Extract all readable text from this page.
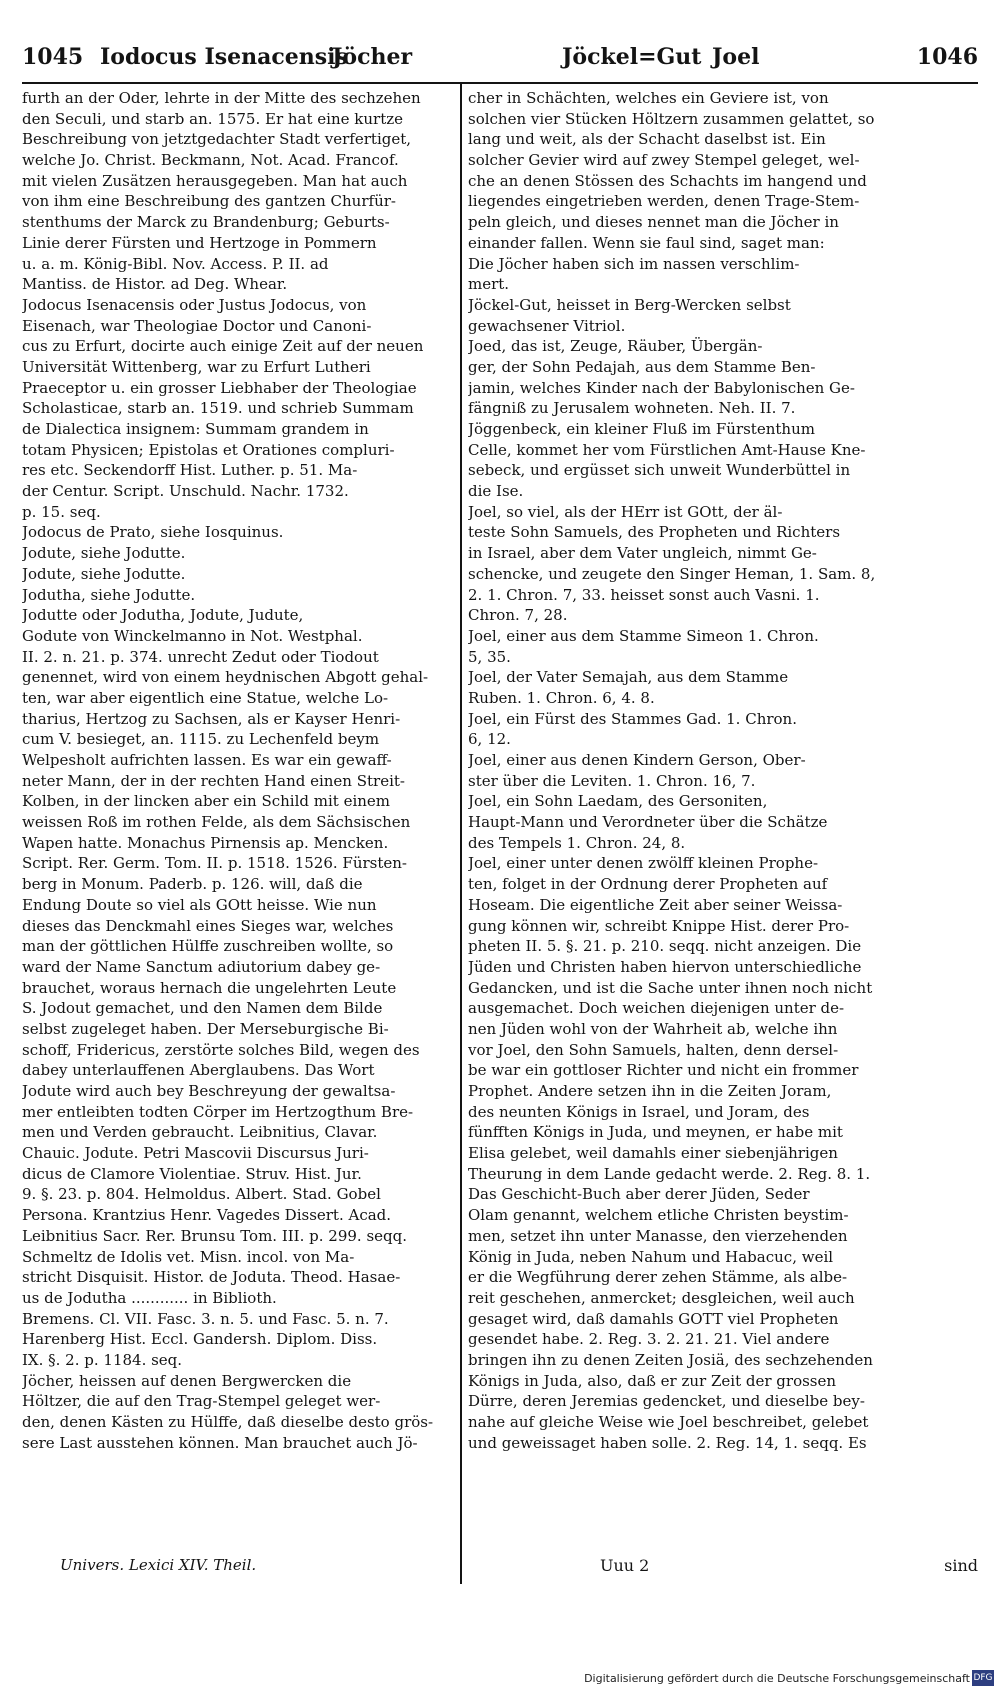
1045 Iodocus Isenacensis
Jöcher	Jöckel=Gut Joel	1046
furth an der Oder, lehrte in der Mitte des sechzehen
den Seculi, und starb an. 1575. Er hat eine kurtze
Beschreibung von jetztgedachter Stadt verfertiget,
welche Jo. Christ. Beckmann, Not. Acad. Francof.
mit vielen Zusätzen herausgegeben. Man hat auch
von ihm eine Beschreibung des gantzen Churfür-
stenthums der Marck zu Brandenburg; Geburts-
Linie derer Fürsten und Hertzoge in Pommern
u. a. m. König-Bibl. Nov. Access. P. II. ad
Mantiss. de Histor. ad Deg. Whear.
Jodocus Isenacensis oder Justus Jodocus, von
Eisenach, war Theologiae Doctor und Canoni-
cus zu Erfurt, docirte auch einige Zeit auf der neuen
Universität Wittenberg, war zu Erfurt Lutheri
Praeceptor u. ein grosser Liebhaber der Theologiae
Scholasticae, starb an. 1519. und schrieb Summam
de Dialectica insignem: Summam grandem in
totam Physicen; Epistolas et Orationes compluri-
res etc. Seckendorff Hist. Luther. p. 51. Ma-
der Centur. Script. Unschuld. Nachr. 1732.
p. 15. seq.
Jodocus de Prato, siehe Iosquinus.
Jodute, siehe Jodutte.
Jodute, siehe Jodutte.
Jodutha, siehe Jodutte.
Jodutte oder Jodutha, Jodute, Judute,
Godute von Winckelmanno in Not. Westphal.
II. 2. n. 21. p. 374. unrecht Zedut oder Tiodout
genennet, wird von einem heydnischen Abgott gehal-
ten, war aber eigentlich eine Statue, welche Lo-
tharius, Hertzog zu Sachsen, als er Kayser Henri-
cum V. besieget, an. 1115. zu Lechenfeld beym
Welpesholt aufrichten lassen. Es war ein gewaff-
neter Mann, der in der rechten Hand einen Streit-
Kolben, in der lincken aber ein Schild mit einem
weissen Roß im rothen Felde, als dem Sächsischen
Wapen hatte. Monachus Pirnensis ap. Mencken.
Script. Rer. Germ. Tom. II. p. 1518. 1526. Fürsten-
berg in Monum. Paderb. p. 126. will, daß die
Endung Doute so viel als GOtt heisse. Wie nun
dieses das Denckmahl eines Sieges war, welches
man der göttlichen Hülffe zuschreiben wollte, so
ward der Name Sanctum adiutorium dabey ge-
brauchet, woraus hernach die ungelehrten Leute
S. Jodout gemachet, und den Namen dem Bilde
selbst zugeleget haben. Der Merseburgische Bi-
schoff, Fridericus, zerstörte solches Bild, wegen des
dabey unterlauffenen Aberglaubens. Das Wort
Jodute wird auch bey Beschreyung der gewaltsa-
mer entleibten todten Cörper im Hertzogthum Bre-
men und Verden gebraucht. Leibnitius, Clavar.
Chauic. Jodute. Petri Mascovii Discursus Juri-
dicus de Clamore Violentiae. Struv. Hist. Jur.
9. §. 23. p. 804. Helmoldus. Albert. Stad. Gobel
Persona. Krantzius Henr. Vagedes Dissert. Acad.
Leibnitius Sacr. Rer. Brunsu Tom. III. p. 299. seqq.
Schmeltz de Idolis vet. Misn. incol. von Ma-
stricht Disquisit. Histor. de Joduta. Theod. Hasae-
us de Jodutha ............ in Biblioth.
Bremens. Cl. VII. Fasc. 3. n. 5. und Fasc. 5. n. 7.
Harenberg Hist. Eccl. Gandersh. Diplom. Diss.
IX. §. 2. p. 1184. seq.
Jöcher, heissen auf denen Bergwercken die
Höltzer, die auf den Trag-Stempel geleget wer-
den, denen Kästen zu Hülffe, daß dieselbe desto grös-
sere Last ausstehen können. Man brauchet auch Jö-
cher in Schächten, welches ein Geviere ist, von
solchen vier Stücken Höltzern zusammen gelattet, so
lang und weit, als der Schacht daselbst ist. Ein
solcher Gevier wird auf zwey Stempel geleget, wel-
che an denen Stössen des Schachts im hangend und
liegendes eingetrieben werden, denen Trage-Stem-
peln gleich, und dieses nennet man die Jöcher in
einander fallen. Wenn sie faul sind, saget man:
Die Jöcher haben sich im nassen verschlim-
mert.
Jöckel-Gut, heisset in Berg-Wercken selbst
gewachsener Vitriol.
Joed, das ist, Zeuge, Räuber, Übergän-
ger, der Sohn Pedajah, aus dem Stamme Ben-
jamin, welches Kinder nach der Babylonischen Ge-
fängniß zu Jerusalem wohneten. Neh. II. 7.
Jöggenbeck, ein kleiner Fluß im Fürstenthum
Celle, kommet her vom Fürstlichen Amt-Hause Kne-
sebeck, und ergüsset sich unweit Wunderbüttel in
die Ise.
Joel, so viel, als der HErr ist GOtt, der äl-
teste Sohn Samuels, des Propheten und Richters
in Israel, aber dem Vater ungleich, nimmt Ge-
schencke, und zeugete den Singer Heman, 1. Sam. 8,
2. 1. Chron. 7, 33. heisset sonst auch Vasni. 1.
Chron. 7, 28.
Joel, einer aus dem Stamme Simeon 1. Chron.
5, 35.
Joel, der Vater Semajah, aus dem Stamme
Ruben. 1. Chron. 6, 4. 8.
Joel, ein Fürst des Stammes Gad. 1. Chron.
6, 12.
Joel, einer aus denen Kindern Gerson, Ober-
ster über die Leviten. 1. Chron. 16, 7.
Joel, ein Sohn Laedam, des Gersoniten,
Haupt-Mann und Verordneter über die Schätze
des Tempels 1. Chron. 24, 8.
Joel, einer unter denen zwölff kleinen Prophe-
ten, folget in der Ordnung derer Propheten auf
Hoseam. Die eigentliche Zeit aber seiner Weissa-
gung können wir, schreibt Knippe Hist. derer Pro-
pheten II. 5. §. 21. p. 210. seqq. nicht anzeigen. Die
Jüden und Christen haben hiervon unterschiedliche
Gedancken, und ist die Sache unter ihnen noch nicht
ausgemachet. Doch weichen diejenigen unter de-
nen Jüden wohl von der Wahrheit ab, welche ihn
vor Joel, den Sohn Samuels, halten, denn dersel-
be war ein gottloser Richter und nicht ein frommer
Prophet. Andere setzen ihn in die Zeiten Joram,
des neunten Königs in Israel, und Joram, des
fünfften Königs in Juda, und meynen, er habe mit
Elisa gelebet, weil damahls einer siebenjährigen
Theurung in dem Lande gedacht werde. 2. Reg. 8. 1.
Das Geschicht-Buch aber derer Jüden, Seder
Olam genannt, welchem etliche Christen beystim-
men, setzet ihn unter Manasse, den vierzehenden
König in Juda, neben Nahum und Habacuc, weil
er die Wegführung derer zehen Stämme, als albe-
reit geschehen, anmercket; desgleichen, weil auch
gesaget wird, daß damahls GOTT viel Propheten
gesendet habe. 2. Reg. 3. 2. 21. 21. Viel andere
bringen ihn zu denen Zeiten Josiä, des sechzehenden
Königs in Juda, also, daß er zur Zeit der grossen
Dürre, deren Jeremias gedencket, und dieselbe bey-
nahe auf gleiche Weise wie Joel beschreibet, gelebet
und geweissaget haben solle. 2. Reg. 14, 1. seqq. Es
Univers. Lexici XIV. Theil.	Uuu 2	sind
Digitalisierung gefördert durch die Deutsche Forschungsgemeinschaft DFG
